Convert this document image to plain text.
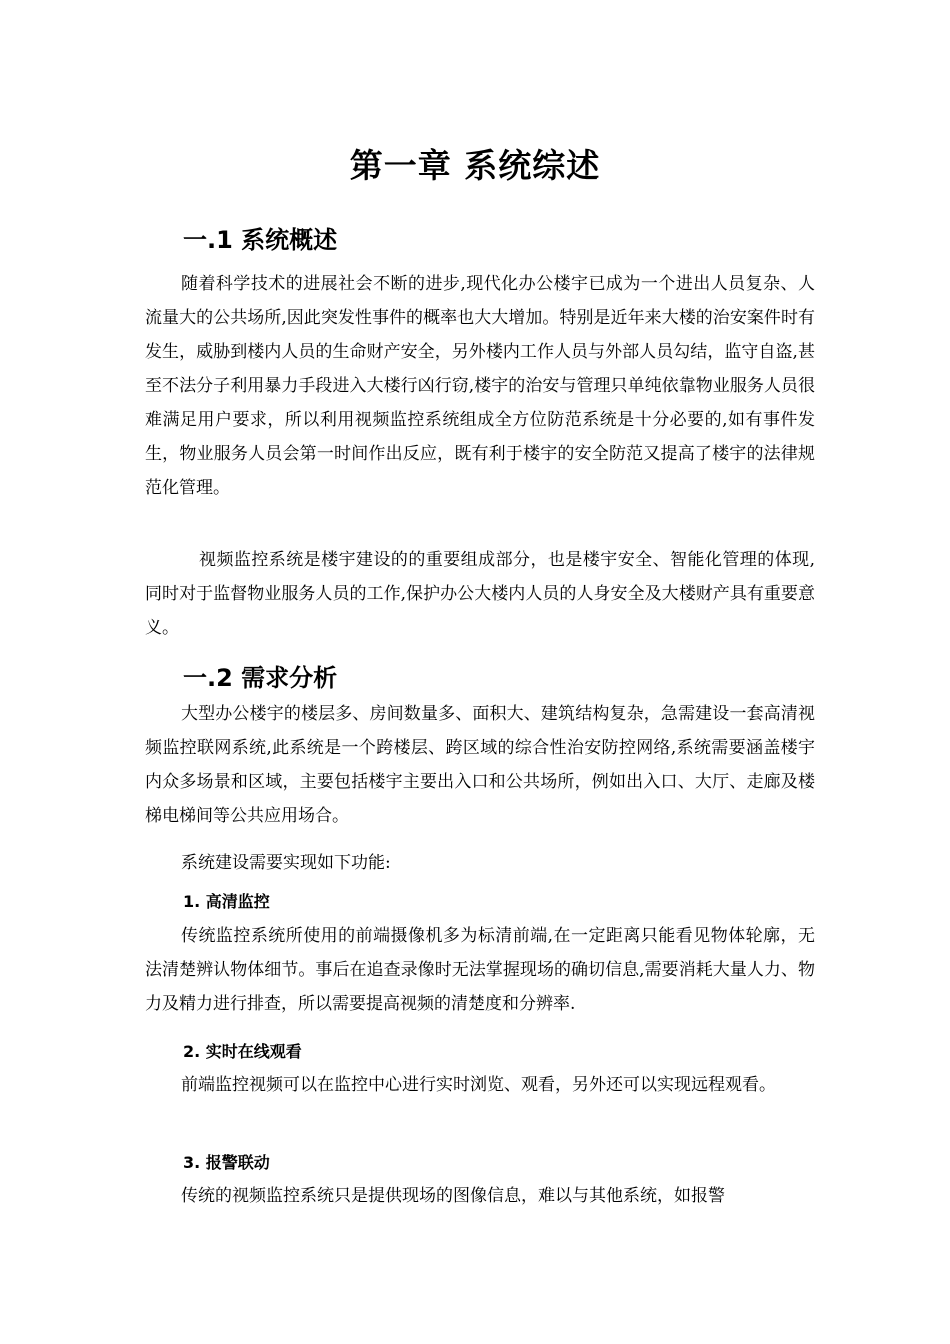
第一章 系统综述
一.1 系统概述

随着科学技术的进展社会不断的进步,现代化办公楼宇已成为一个进出人员复杂、人流量大的公共场所,因此突发性事件的概率也大大增加。特别是近年来大楼的治安案件时有发生，威胁到楼内人员的生命财产安全，另外楼内工作人员与外部人员勾结，监守自盗,甚至不法分子利用暴力手段进入大楼行凶行窃,楼宇的治安与管理只单纯依靠物业服务人员很难满足用户要求，所以利用视频监控系统组成全方位防范系统是十分必要的,如有事件发生，物业服务人员会第一时间作出反应，既有利于楼宇的安全防范又提高了楼宇的法律规范化管理。

视频监控系统是楼宇建设的的重要组成部分，也是楼宇安全、智能化管理的体现,同时对于监督物业服务人员的工作,保护办公大楼内人员的人身安全及大楼财产具有重要意义。

一.2 需求分析

大型办公楼宇的楼层多、房间数量多、面积大、建筑结构复杂，急需建设一套高清视频监控联网系统,此系统是一个跨楼层、跨区域的综合性治安防控网络,系统需要涵盖楼宇内众多场景和区域，主要包括楼宇主要出入口和公共场所，例如出入口、大厅、走廊及楼梯电梯间等公共应用场合。

系统建设需要实现如下功能:

1. 高清监控

传统监控系统所使用的前端摄像机多为标清前端,在一定距离只能看见物体轮廓，无法清楚辨认物体细节。事后在追查录像时无法掌握现场的确切信息,需要消耗大量人力、物力及精力进行排查，所以需要提高视频的清楚度和分辨率.

2. 实时在线观看

前端监控视频可以在监控中心进行实时浏览、观看，另外还可以实现远程观看。

3. 报警联动

传统的视频监控系统只是提供现场的图像信息，难以与其他系统，如报警
